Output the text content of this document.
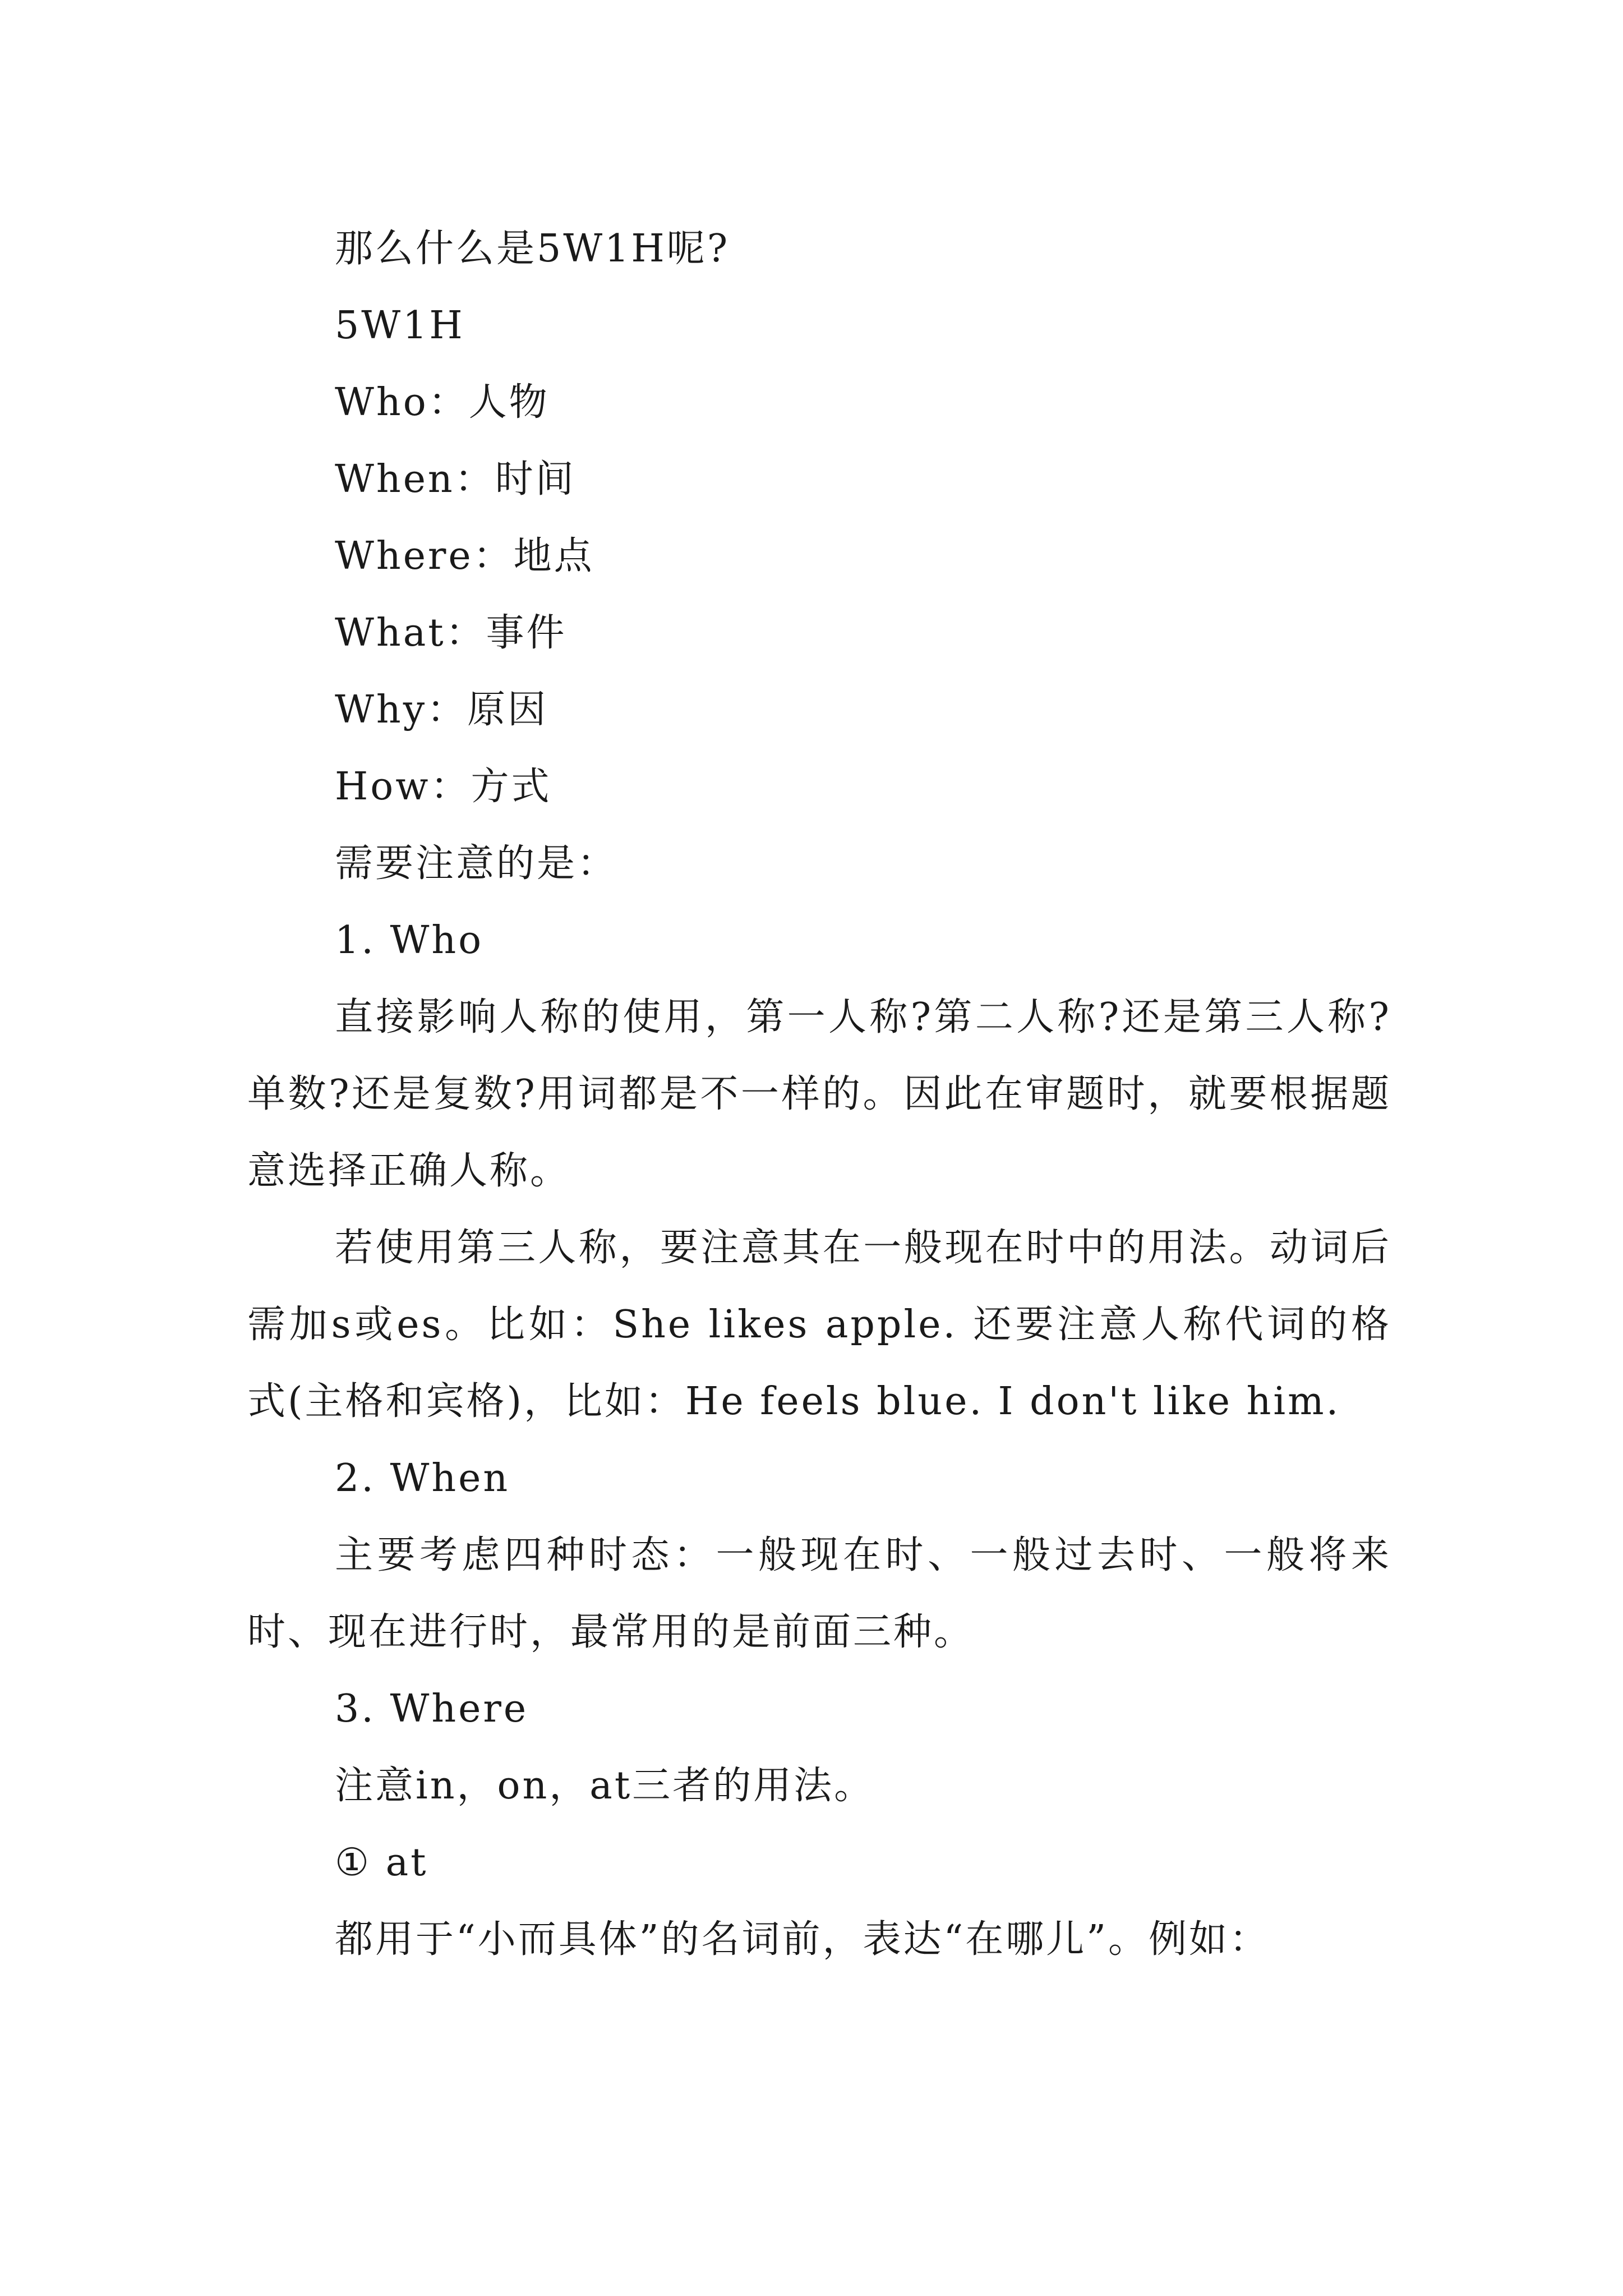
那么什么是5W1H呢?
5W1H
Who：人物
When：时间
Where：地点
What：事件
Why：原因
How：方式
需要注意的是：
1. Who
直接影响人称的使用，第一人称?第二人称?还是第三人称?单数?还是复数?用词都是不一样的。因此在审题时，就要根据题意选择正确人称。
若使用第三人称，要注意其在一般现在时中的用法。动词后需加s或es。比如：She likes apple. 还要注意人称代词的格式(主格和宾格)，比如：He feels blue. I don't like him.
2. When
主要考虑四种时态：一般现在时、一般过去时、一般将来时、现在进行时，最常用的是前面三种。
3. Where
注意in，on，at三者的用法。
① at
都用于“小而具体”的名词前，表达“在哪儿”。例如：
